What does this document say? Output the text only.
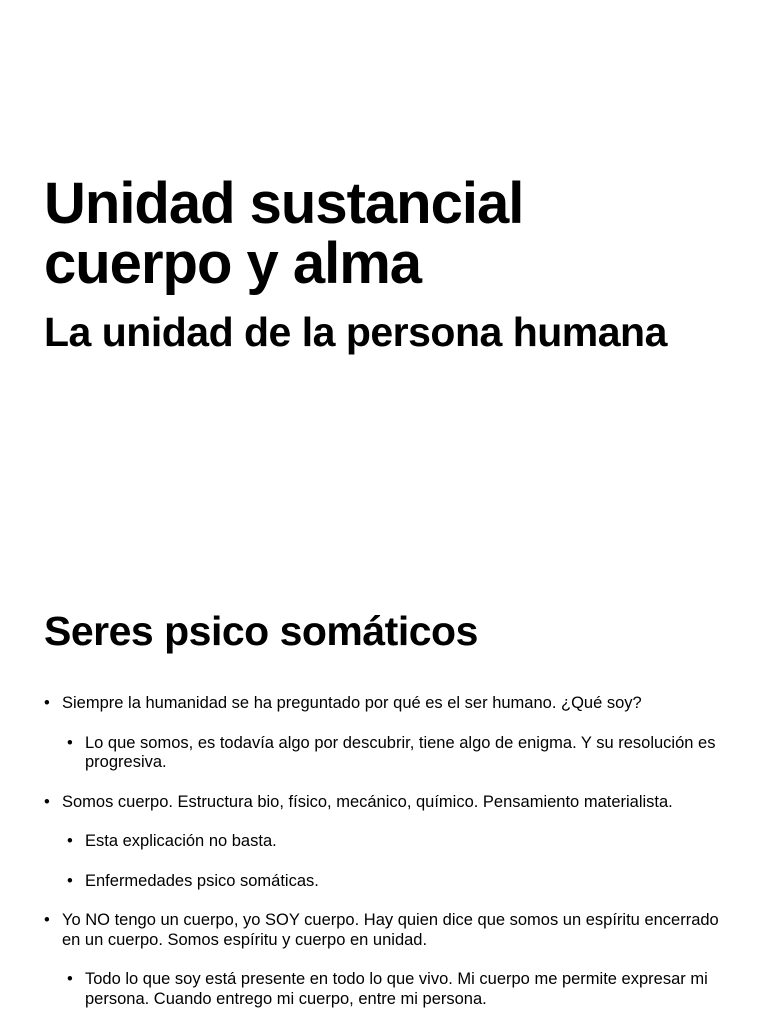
Unidad sustancial
cuerpo y alma
La unidad de la persona humana
Seres psico somáticos
• Siempre la humanidad se ha preguntado por qué es el ser humano. ¿Qué soy?
• Lo que somos, es todavía algo por descubrir, tiene algo de enigma. Y su resolución es progresiva.
• Somos cuerpo. Estructura bio, físico, mecánico, químico. Pensamiento materialista.
• Esta explicación no basta.
• Enfermedades psico somáticas.
• Yo NO tengo un cuerpo, yo SOY cuerpo. Hay quien dice que somos un espíritu encerrado en un cuerpo. Somos espíritu y cuerpo en unidad.
• Todo lo que soy está presente en todo lo que vivo. Mi cuerpo me permite expresar mi persona. Cuando entrego mi cuerpo, entre mi persona.
